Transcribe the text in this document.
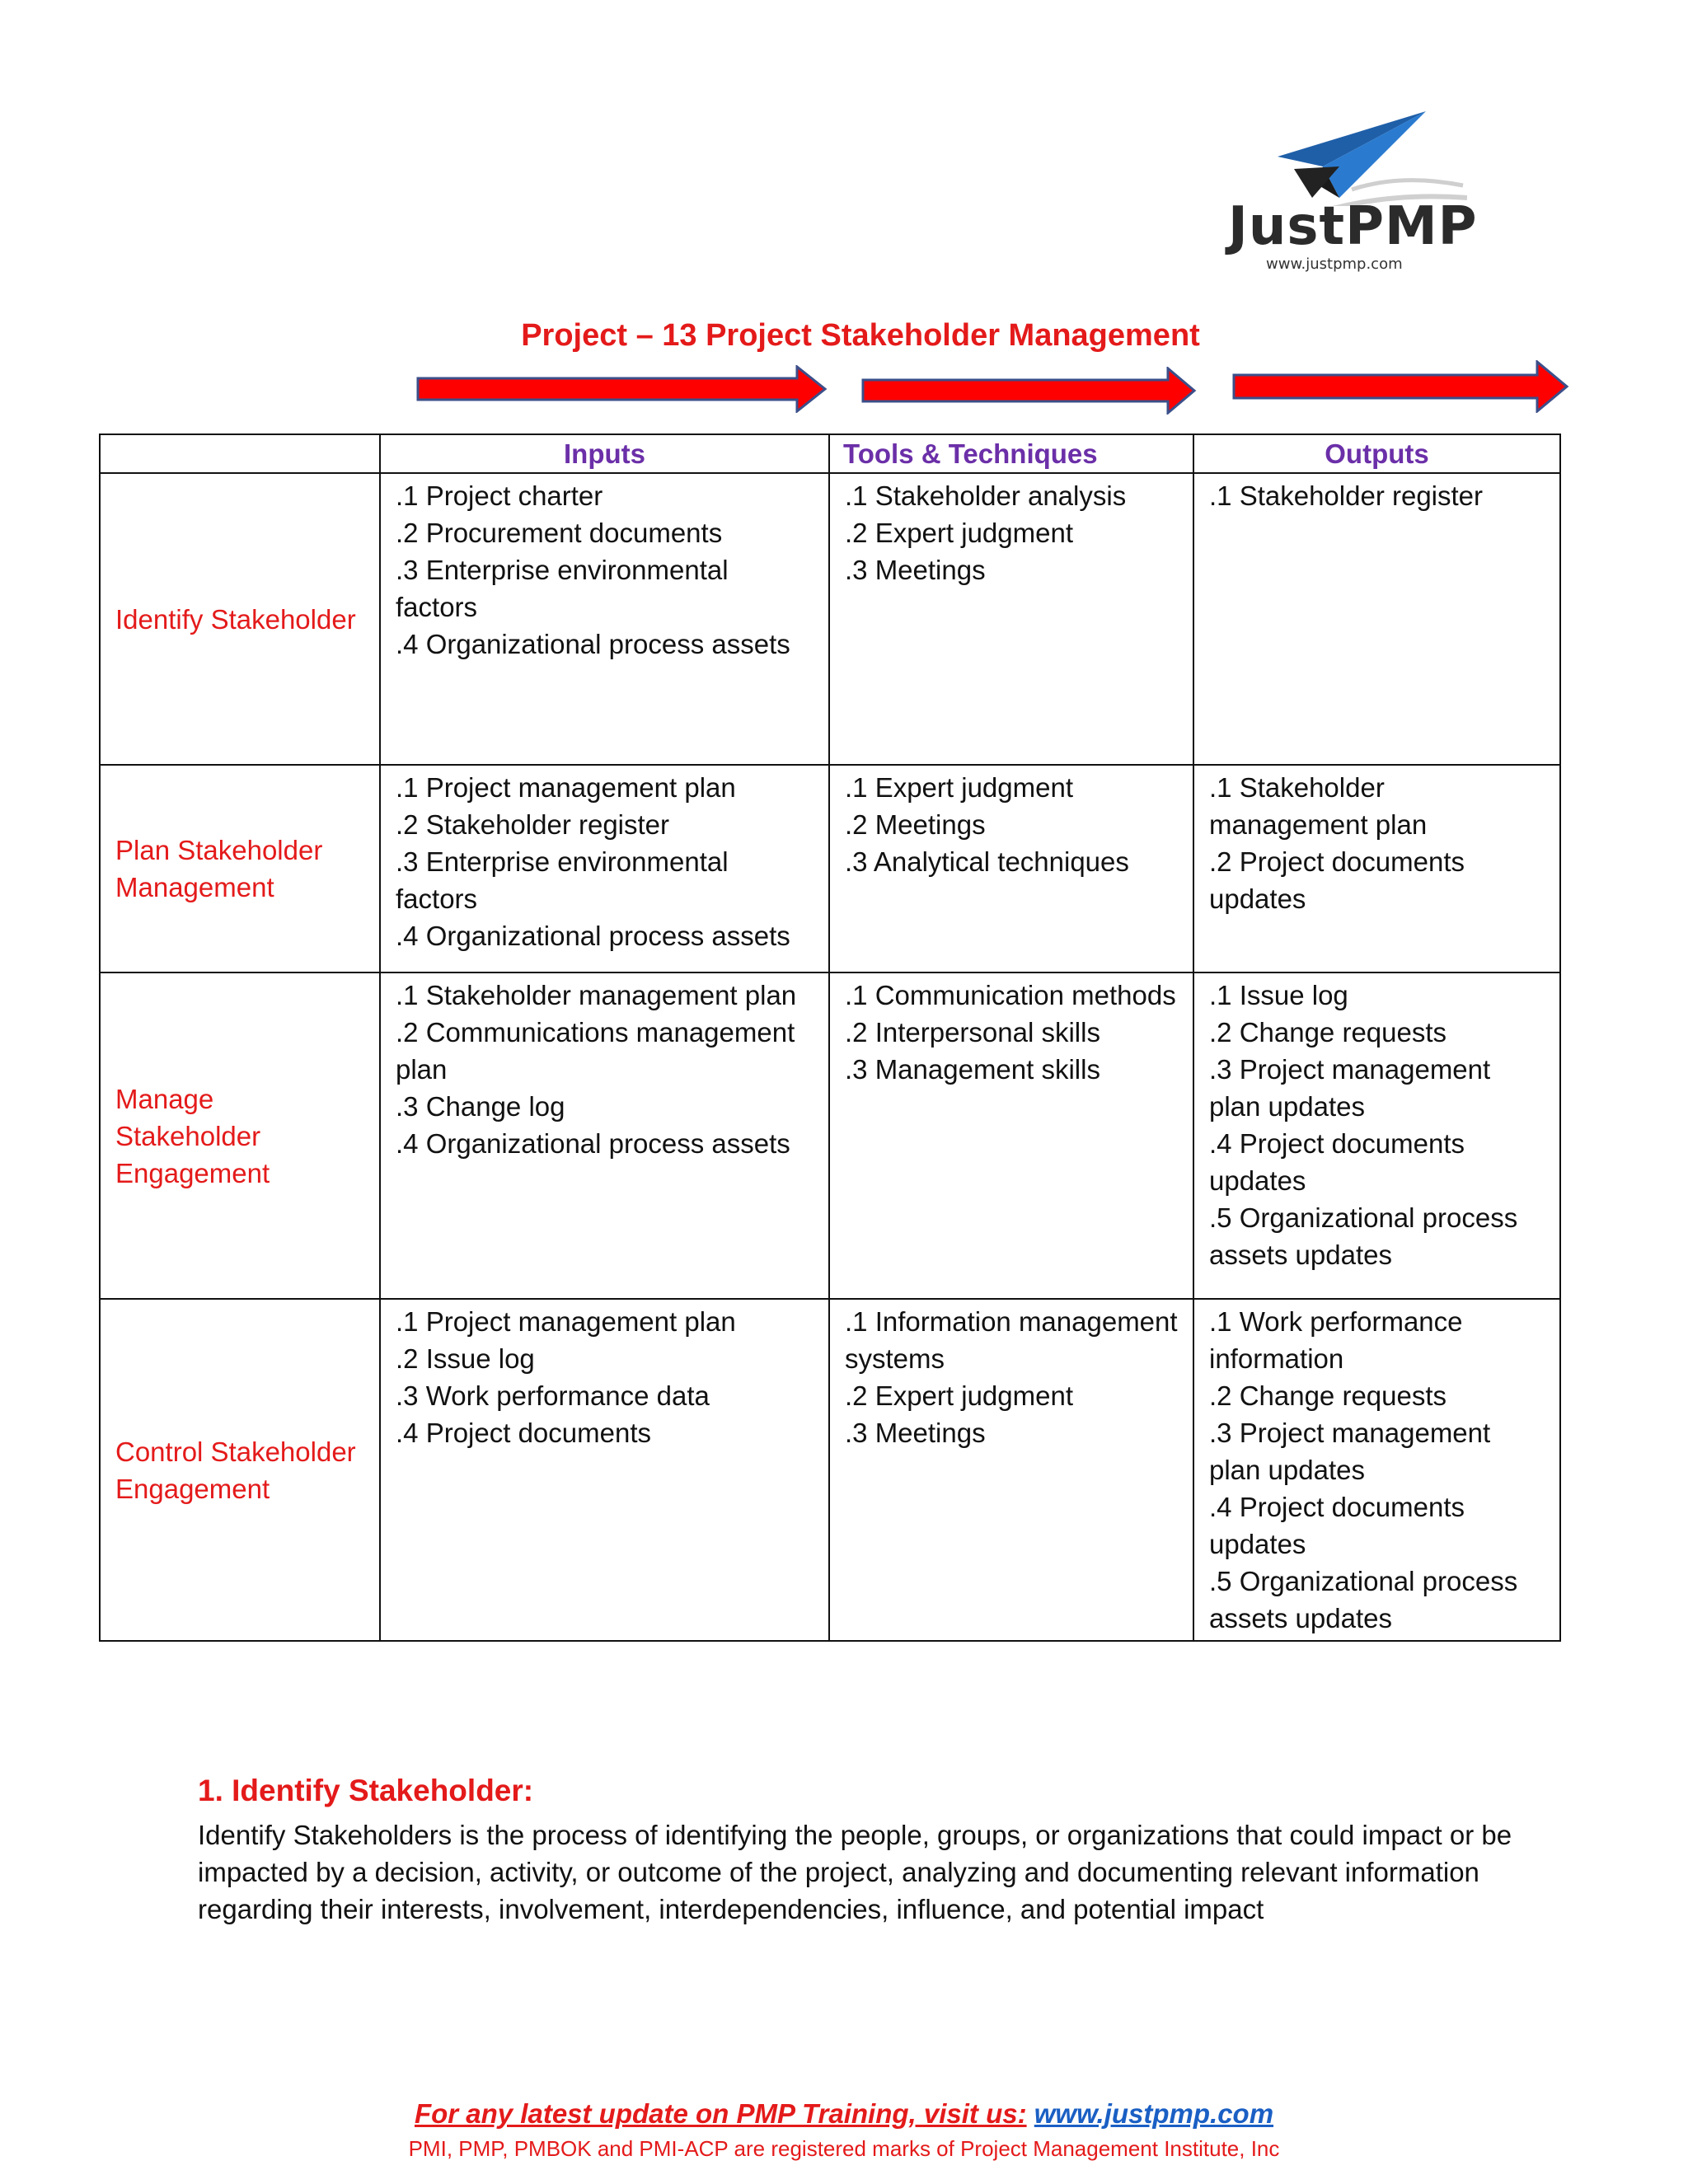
JustPMP
www.justpmp.com
Project – 13 Project Stakeholder Management
	Inputs	Tools & Techniques	Outputs
Identify Stakeholder	.1 Project charter
.2 Procurement documents
.3 Enterprise environmental factors
.4 Organizational process assets	.1 Stakeholder analysis
.2 Expert judgment
.3 Meetings	.1 Stakeholder register

Plan Stakeholder Management	.1 Project management plan
.2 Stakeholder register
.3 Enterprise environmental factors
.4 Organizational process assets	.1 Expert judgment
.2 Meetings
.3 Analytical techniques	.1 Stakeholder management plan
.2 Project documents updates

Manage Stakeholder Engagement	.1 Stakeholder management plan
.2 Communications management plan
.3 Change log
.4 Organizational process assets	.1 Communication methods
.2 Interpersonal skills
.3 Management skills	.1 Issue log
.2 Change requests
.3 Project management plan updates
.4 Project documents updates
.5 Organizational process assets updates

Control Stakeholder Engagement	.1 Project management plan
.2 Issue log
.3 Work performance data
.4 Project documents	.1 Information management systems
.2 Expert judgment
.3 Meetings	.1 Work performance information
.2 Change requests
.3 Project management plan updates
.4 Project documents updates
.5 Organizational process assets updates
1. Identify Stakeholder:
Identify Stakeholders is the process of identifying the people, groups, or organizations that could impact or be impacted by a decision, activity, or outcome of the project, analyzing and documenting relevant information regarding their interests, involvement, interdependencies, influence, and potential impact
For any latest update on PMP Training, visit us: www.justpmp.com
PMI, PMP, PMBOK and PMI-ACP are registered marks of Project Management Institute, Inc
